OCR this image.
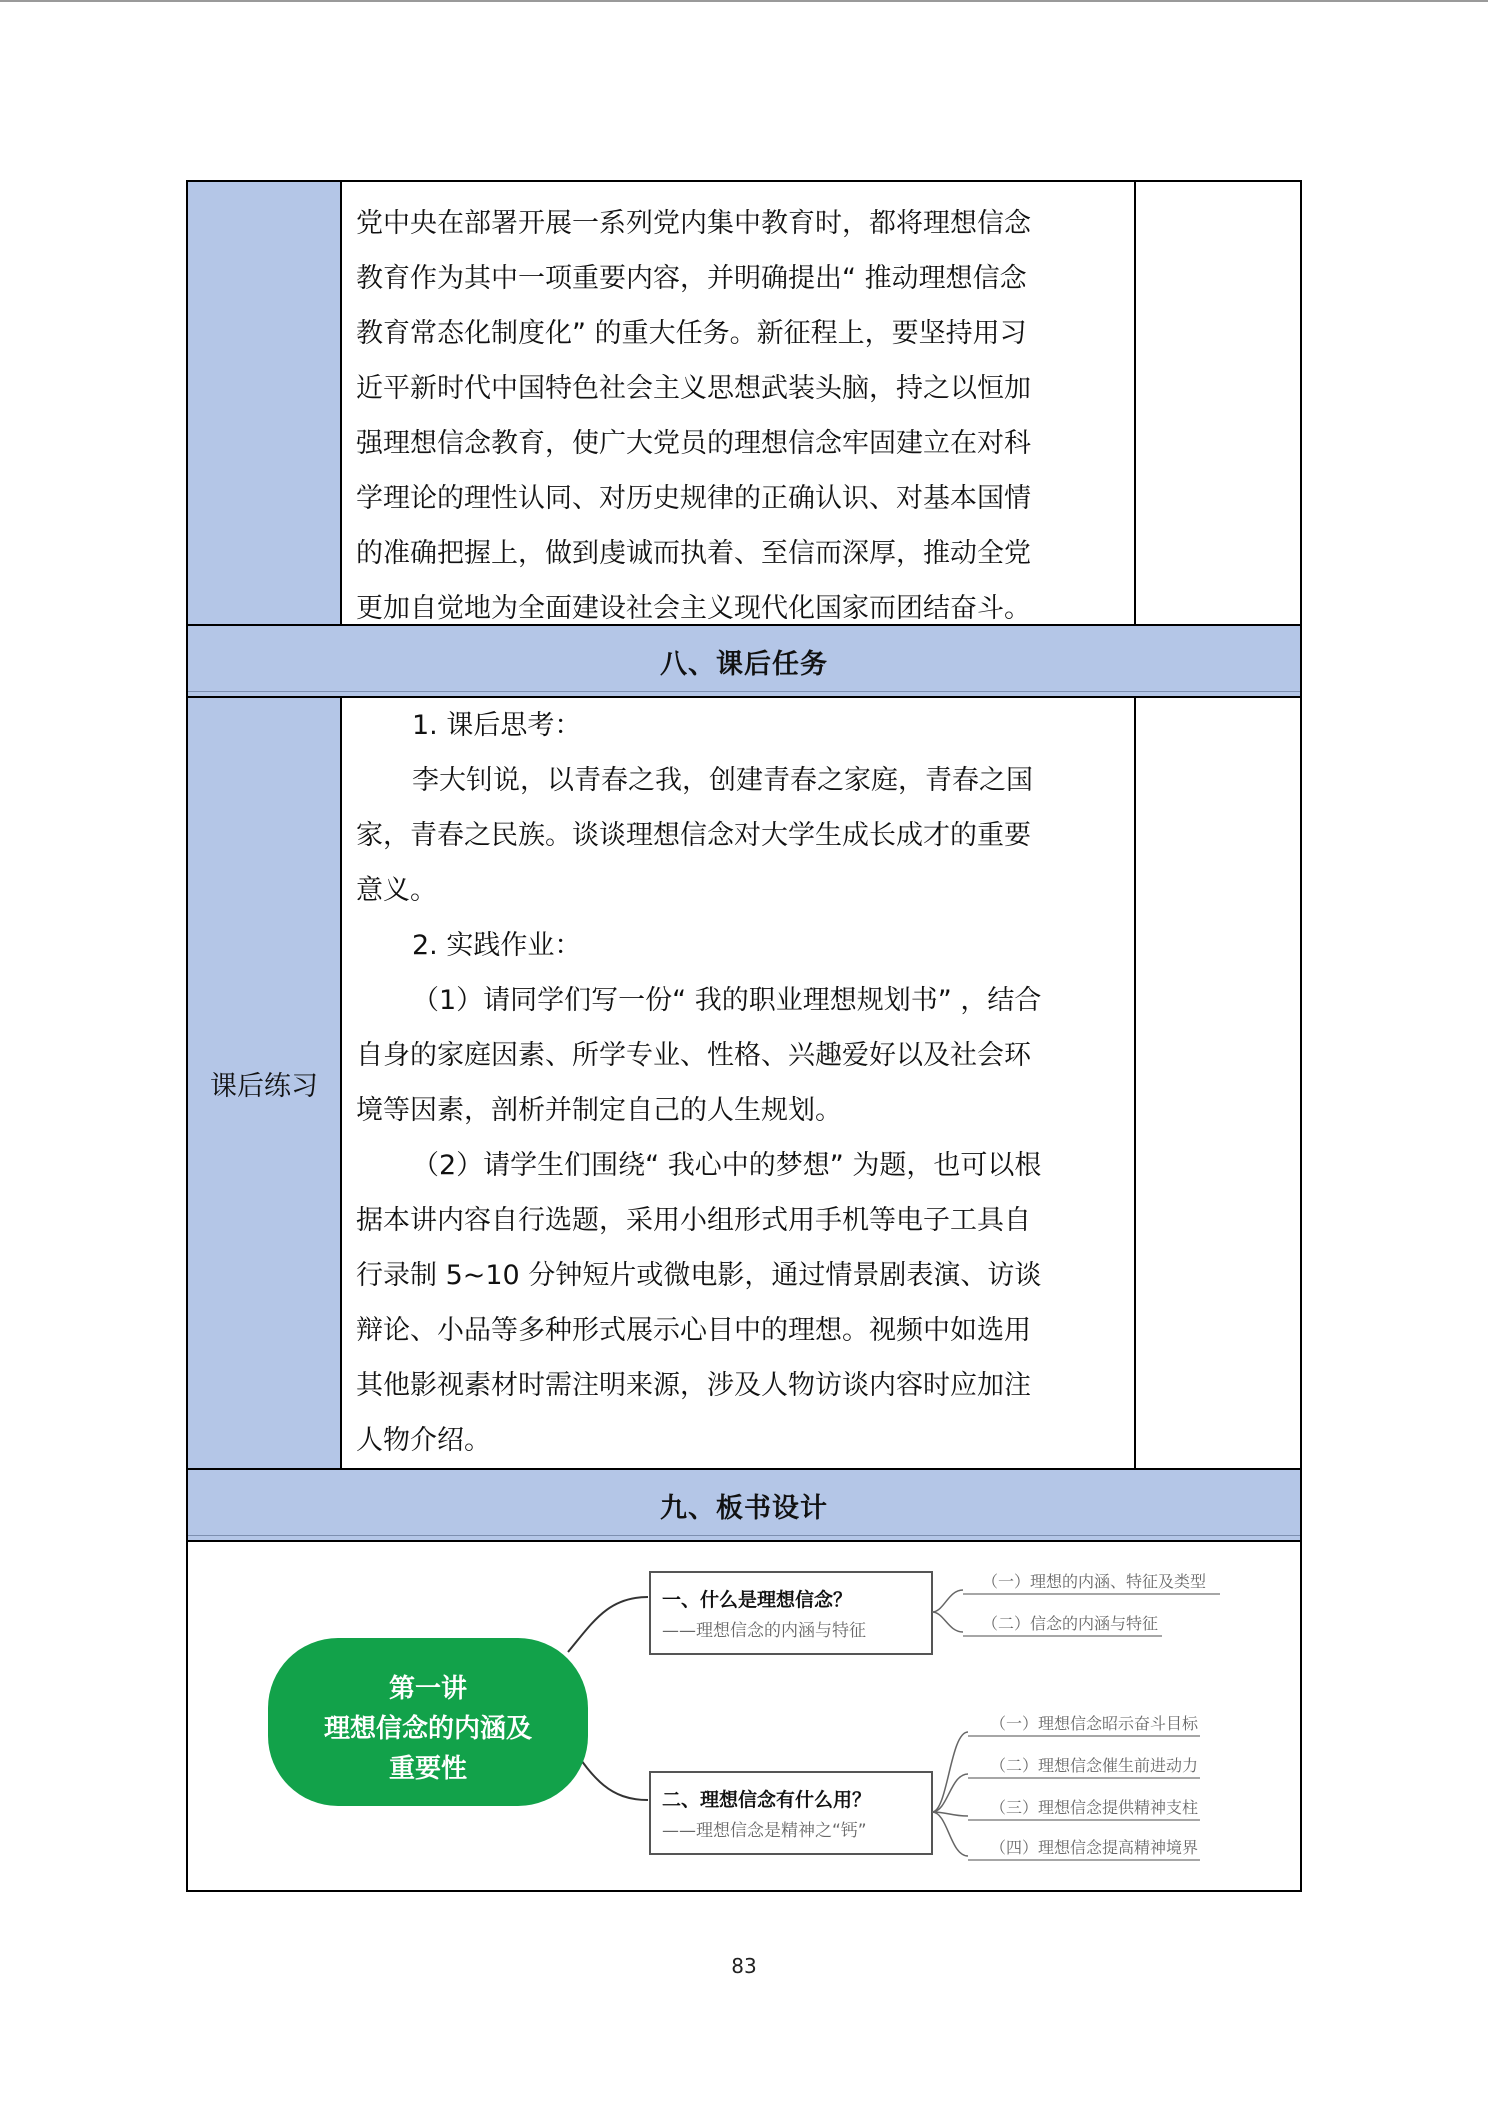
党中央在部署开展一系列党内集中教育时，都将理想信念
教育作为其中一项重要内容，并明确提出“ 推动理想信念
教育常态化制度化” 的重大任务。新征程上，要坚持用习
近平新时代中国特色社会主义思想武装头脑，持之以恒加
强理想信念教育，使广大党员的理想信念牢固建立在对科
学理论的理性认同、对历史规律的正确认识、对基本国情
的准确把握上，做到虔诚而执着、至信而深厚，推动全党
更加自觉地为全面建设社会主义现代化国家而团结奋斗。
八、课后任务
课后练习
1. 课后思考：
李大钊说，以青春之我，创建青春之家庭，青春之国
家，青春之民族。谈谈理想信念对大学生成长成才的重要
意义。
2. 实践作业：
（1）请同学们写一份“ 我的职业理想规划书” ，结合
自身的家庭因素、所学专业、性格、兴趣爱好以及社会环
境等因素，剖析并制定自己的人生规划。
（2）请学生们围绕“ 我心中的梦想” 为题，也可以根
据本讲内容自行选题，采用小组形式用手机等电子工具自
行录制 5~10 分钟短片或微电影，通过情景剧表演、访谈
辩论、小品等多种形式展示心目中的理想。视频中如选用
其他影视素材时需注明来源，涉及人物访谈内容时应加注
人物介绍。
九、板书设计
第一讲
理想信念的内涵及
重要性
一、什么是理想信念？
——理想信念的内涵与特征
（一）理想的内涵、特征及类型
（二）信念的内涵与特征
二、理想信念有什么用？
——理想信念是精神之“钙”
（一）理想信念昭示奋斗目标
（二）理想信念催生前进动力
（三）理想信念提供精神支柱
（四）理想信念提高精神境界
83
